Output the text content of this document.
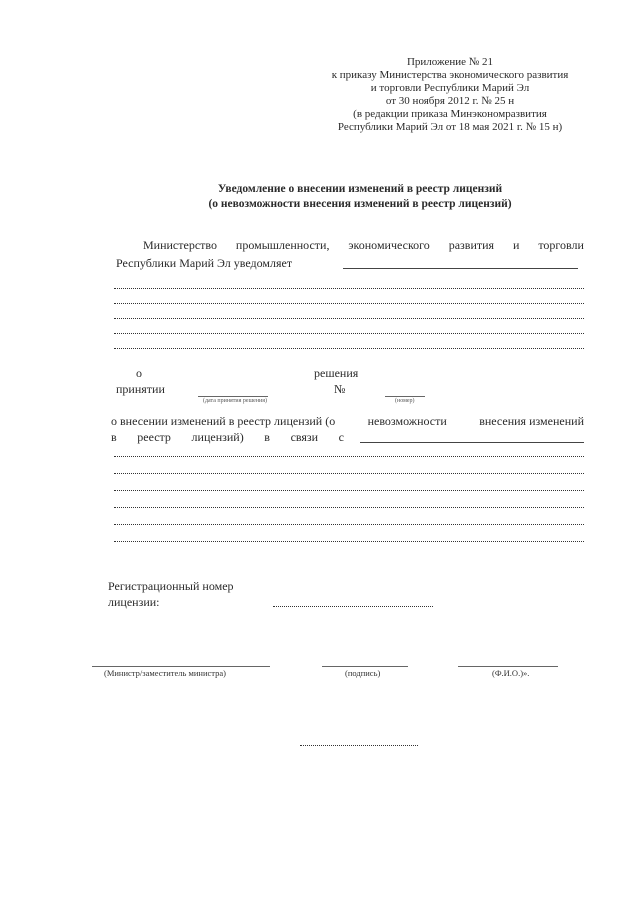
Приложение № 21
к приказу Министерства экономического развития
и торговли Республики Марий Эл
от 30 ноября 2012 г. № 25 н
(в редакции приказа Минэкономразвития
Республики Марий Эл от 18 мая 2021 г. № 15 н)
Уведомление о внесении изменений в реестр лицензий
(о невозможности внесения изменений в реестр лицензий)
Министерство промышленности, экономического развития и торговли
Республики Марий Эл уведомляет
о	решения
принятии
(дата принятия решения)
№
(номер)
о внесении изменений в реестр лицензий (о	невозможности	внесения изменений
в реестр лицензий) в связи с
Регистрационный номер
лицензии:
(Министр/заместитель министра)	(подпись)	(Ф.И.О.)».
